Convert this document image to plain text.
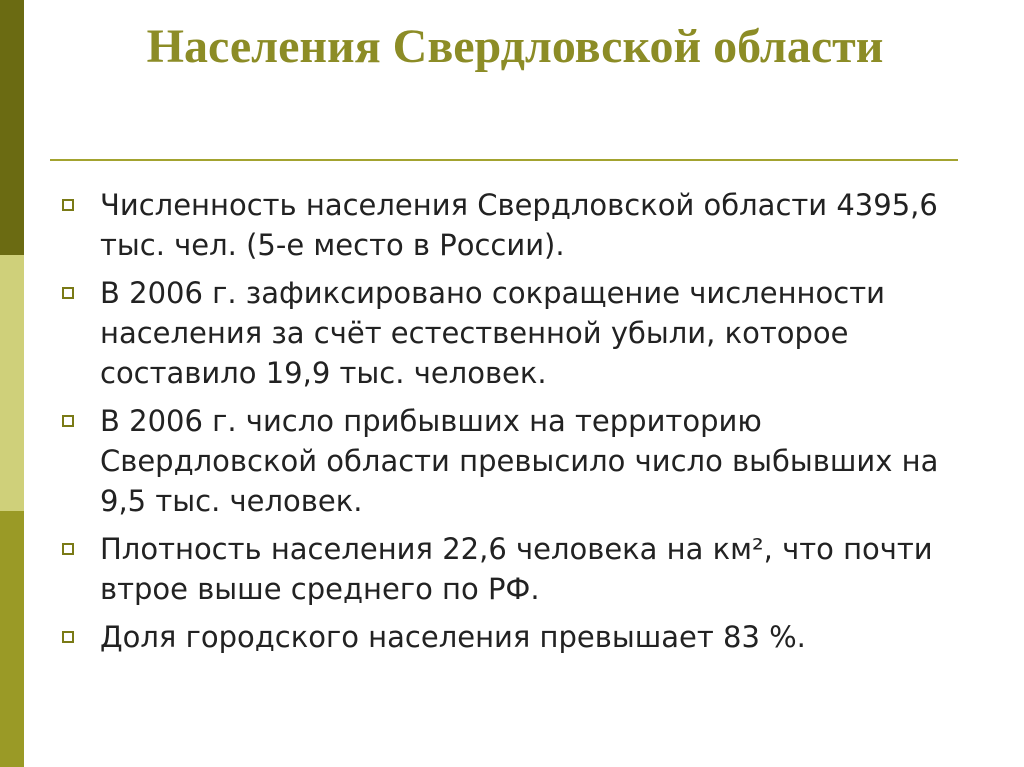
Населения Свердловской области
Численность населения Свердловской области 4395,6 тыс. чел. (5-е место в России).
В 2006 г. зафиксировано сокращение численности населения за счёт естественной убыли, которое составило 19,9 тыс. человек.
В 2006 г. число прибывших на территорию Свердловской области превысило число выбывших на 9,5 тыс. человек.
Плотность населения 22,6 человека на км², что почти втрое выше среднего по РФ.
Доля городского населения превышает 83 %.
